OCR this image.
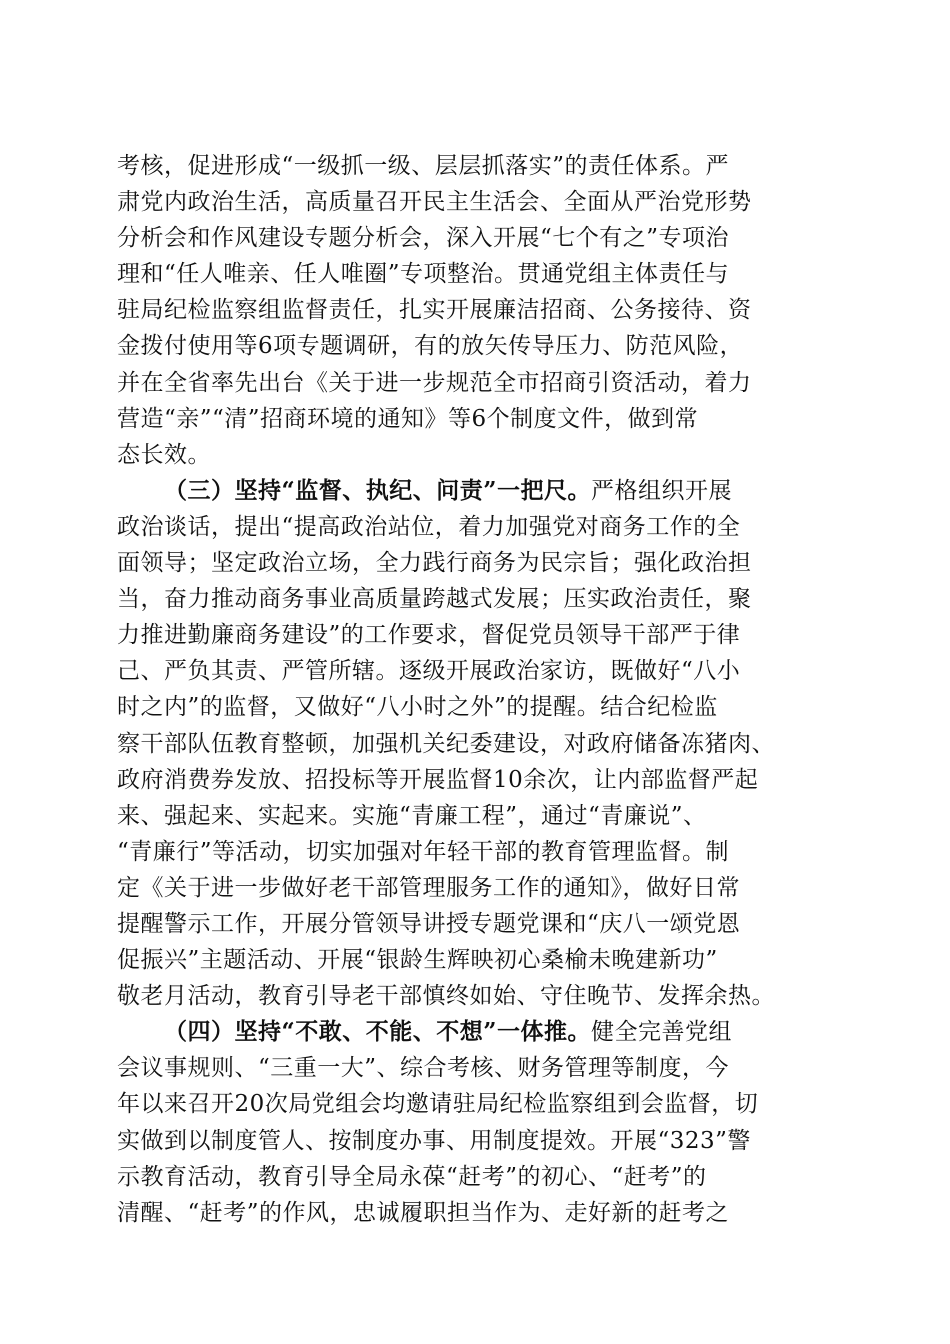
考核，促进形成“一级抓一级、层层抓落实”的责任体系。严
肃党内政治生活，高质量召开民主生活会、全面从严治党形势
分析会和作风建设专题分析会，深入开展“七个有之”专项治
理和“任人唯亲、任人唯圈”专项整治。贯通党组主体责任与
驻局纪检监察组监督责任，扎实开展廉洁招商、公务接待、资
金拨付使用等6项专题调研，有的放矢传导压力、防范风险，
并在全省率先出台《关于进一步规范全市招商引资活动，着力
营造“亲”“清”招商环境的通知》等6个制度文件，做到常
态长效。
（三）坚持“监督、执纪、问责”一把尺。严格组织开展
政治谈话，提出“提高政治站位，着力加强党对商务工作的全
面领导；坚定政治立场，全力践行商务为民宗旨；强化政治担
当，奋力推动商务事业高质量跨越式发展；压实政治责任，聚
力推进勤廉商务建设”的工作要求，督促党员领导干部严于律
己、严负其责、严管所辖。逐级开展政治家访，既做好“八小
时之内”的监督，又做好“八小时之外”的提醒。结合纪检监
察干部队伍教育整顿，加强机关纪委建设，对政府储备冻猪肉、
政府消费券发放、招投标等开展监督10余次，让内部监督严起
来、强起来、实起来。实施“青廉工程”，通过“青廉说”、
“青廉行”等活动，切实加强对年轻干部的教育管理监督。制
定《关于进一步做好老干部管理服务工作的通知》，做好日常
提醒警示工作，开展分管领导讲授专题党课和“庆八一颂党恩
促振兴”主题活动、开展“银龄生辉映初心桑榆未晚建新功”
敬老月活动，教育引导老干部慎终如始、守住晚节、发挥余热。
（四）坚持“不敢、不能、不想”一体推。健全完善党组
会议事规则、“三重一大”、综合考核、财务管理等制度，今
年以来召开20次局党组会均邀请驻局纪检监察组到会监督，切
实做到以制度管人、按制度办事、用制度提效。开展“323”警
示教育活动，教育引导全局永葆“赶考”的初心、“赶考”的
清醒、“赶考”的作风，忠诚履职担当作为、走好新的赶考之
